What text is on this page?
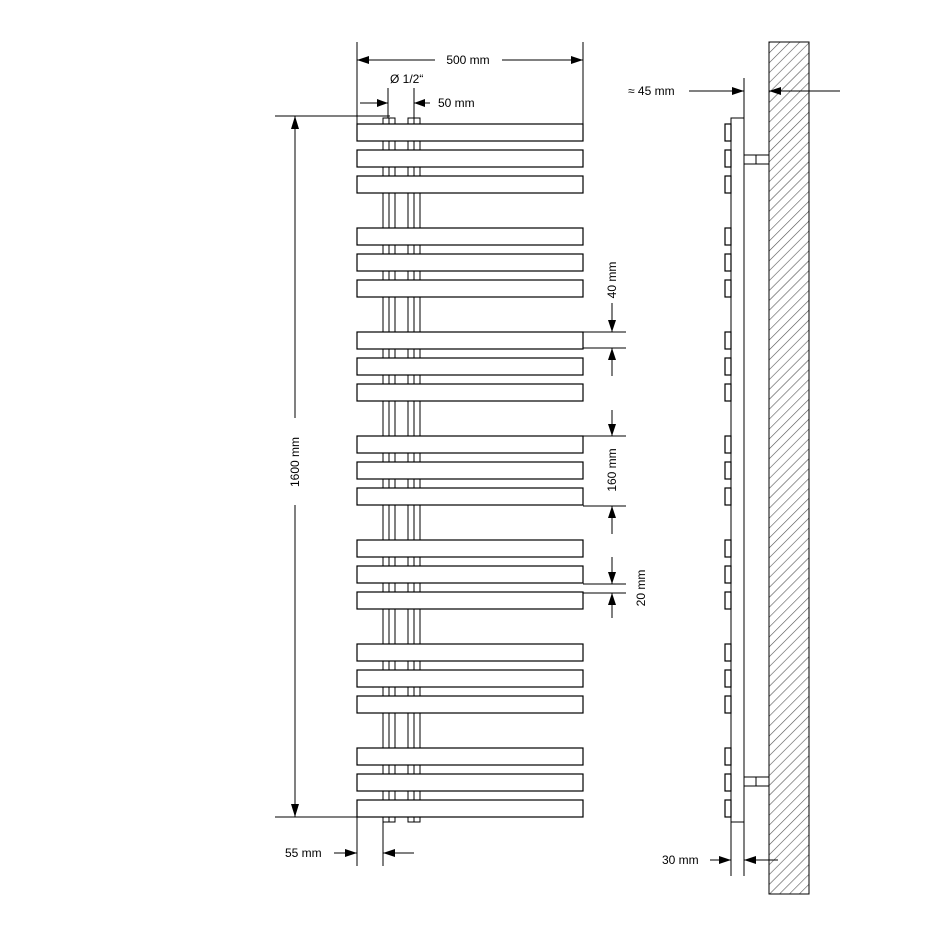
500 mm
Ø 1/2“
50 mm
1600 mm
40 mm
160 mm
20 mm
55 mm
≈ 45 mm
30 mm
